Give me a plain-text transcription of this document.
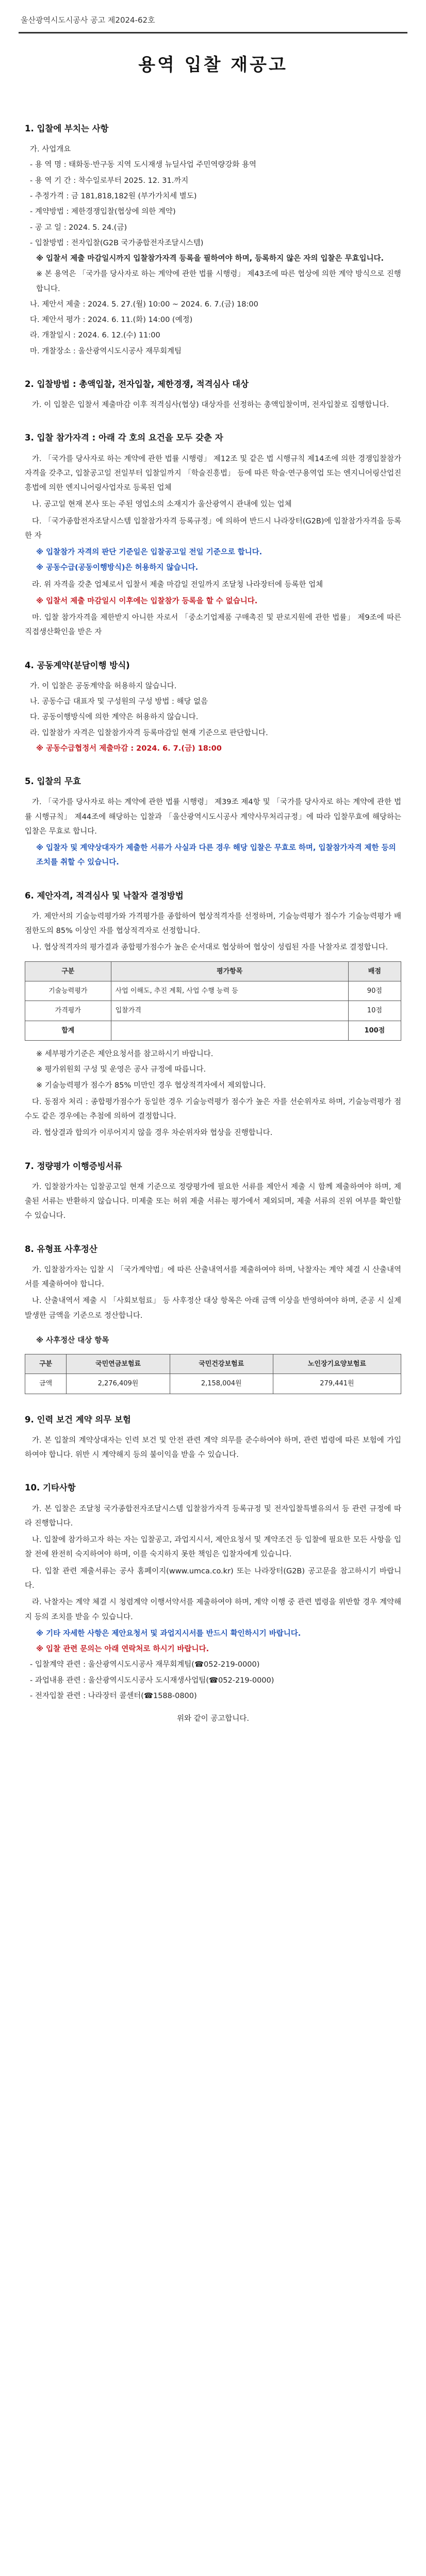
울산광역시도시공사 공고 제2024-62호
용역 입찰 재공고
1. 입찰에 부치는 사항
가. 사업개요
- 용 역 명 : 태화동·반구동 지역 도시재생 뉴딜사업 주민역량강화 용역
- 용 역 기 간 : 착수일로부터 2025. 12. 31.까지
- 추정가격 : 금 181,818,182원 (부가가치세 별도)
- 계약방법 : 제한경쟁입찰(협상에 의한 계약)
- 공 고 일 : 2024. 5. 24.(금)
- 입찰방법 : 전자입찰(G2B 국가종합전자조달시스템)
※ 입찰서 제출 마감일시까지 입찰참가자격 등록을 필하여야 하며, 등록하지 않은 자의 입찰은 무효입니다.
※ 본 용역은 「국가를 당사자로 하는 계약에 관한 법률 시행령」 제43조에 따른 협상에 의한 계약 방식으로 진행합니다.
나. 제안서 제출 : 2024. 5. 27.(월) 10:00 ~ 2024. 6. 7.(금) 18:00
다. 제안서 평가 : 2024. 6. 11.(화) 14:00 (예정)
라. 개찰일시 : 2024. 6. 12.(수) 11:00
마. 개찰장소 : 울산광역시도시공사 재무회계팀
2. 입찰방법 : 총액입찰, 전자입찰, 제한경쟁, 적격심사 대상
가. 이 입찰은 입찰서 제출마감 이후 적격심사(협상) 대상자를 선정하는 총액입찰이며, 전자입찰로 집행합니다.
3. 입찰 참가자격 : 아래 각 호의 요건을 모두 갖춘 자
가. 「국가를 당사자로 하는 계약에 관한 법률 시행령」 제12조 및 같은 법 시행규칙 제14조에 의한 경쟁입찰참가자격을 갖추고, 입찰공고일 전일부터 입찰일까지 「학술진흥법」 등에 따른 학술·연구용역업 또는 엔지니어링산업진흥법에 의한 엔지니어링사업자로 등록된 업체
나. 공고일 현재 본사 또는 주된 영업소의 소재지가 울산광역시 관내에 있는 업체
다. 「국가종합전자조달시스템 입찰참가자격 등록규정」에 의하여 반드시 나라장터(G2B)에 입찰참가자격을 등록한 자
※ 입찰참가 자격의 판단 기준일은 입찰공고일 전일 기준으로 합니다.
※ 공동수급(공동이행방식)은 허용하지 않습니다.
라. 위 자격을 갖춘 업체로서 입찰서 제출 마감일 전일까지 조달청 나라장터에 등록한 업체
※ 입찰서 제출 마감일시 이후에는 입찰참가 등록을 할 수 없습니다.
마. 입찰 참가자격을 제한받지 아니한 자로서 「중소기업제품 구매촉진 및 판로지원에 관한 법률」 제9조에 따른 직접생산확인을 받은 자
4. 공동계약(분담이행 방식)
가. 이 입찰은 공동계약을 허용하지 않습니다.
나. 공동수급 대표자 및 구성원의 구성 방법 : 해당 없음
다. 공동이행방식에 의한 계약은 허용하지 않습니다.
라. 입찰참가 자격은 입찰참가자격 등록마감일 현재 기준으로 판단합니다.
※ 공동수급협정서 제출마감 : 2024. 6. 7.(금) 18:00
5. 입찰의 무효
가. 「국가를 당사자로 하는 계약에 관한 법률 시행령」 제39조 제4항 및 「국가를 당사자로 하는 계약에 관한 법률 시행규칙」 제44조에 해당하는 입찰과 「울산광역시도시공사 계약사무처리규정」에 따라 입찰무효에 해당하는 입찰은 무효로 합니다.
※ 입찰자 및 계약상대자가 제출한 서류가 사실과 다른 경우 해당 입찰은 무효로 하며, 입찰참가자격 제한 등의 조치를 취할 수 있습니다.
6. 제안자격, 적격심사 및 낙찰자 결정방법
가. 제안서의 기술능력평가와 가격평가를 종합하여 협상적격자를 선정하며, 기술능력평가 점수가 기술능력평가 배점한도의 85% 이상인 자를 협상적격자로 선정합니다.
나. 협상적격자의 평가결과 종합평가점수가 높은 순서대로 협상하여 협상이 성립된 자를 낙찰자로 결정합니다.
구분	평가항목	배점
기술능력평가	사업 이해도, 추진 계획, 사업 수행 능력 등	90점
가격평가	입찰가격	10점
합계		100점
※ 세부평가기준은 제안요청서를 참고하시기 바랍니다.
※ 평가위원회 구성 및 운영은 공사 규정에 따릅니다.
※ 기술능력평가 점수가 85% 미만인 경우 협상적격자에서 제외합니다.
다. 동점자 처리 : 종합평가점수가 동일한 경우 기술능력평가 점수가 높은 자를 선순위자로 하며, 기술능력평가 점수도 같은 경우에는 추첨에 의하여 결정합니다.
라. 협상결과 합의가 이루어지지 않을 경우 차순위자와 협상을 진행합니다.
7. 정량평가 이행증빙서류
가. 입찰참가자는 입찰공고일 현재 기준으로 정량평가에 필요한 서류를 제안서 제출 시 함께 제출하여야 하며, 제출된 서류는 반환하지 않습니다. 미제출 또는 허위 제출 서류는 평가에서 제외되며, 제출 서류의 진위 여부를 확인할 수 있습니다.
8. 유형표 사후정산
가. 입찰참가자는 입찰 시 「국가계약법」에 따른 산출내역서를 제출하여야 하며, 낙찰자는 계약 체결 시 산출내역서를 제출하여야 합니다.
나. 산출내역서 제출 시 「사회보험료」 등 사후정산 대상 항목은 아래 금액 이상을 반영하여야 하며, 준공 시 실제 발생한 금액을 기준으로 정산합니다.
※ 사후정산 대상 항목
구분	국민연금보험료	국민건강보험료	노인장기요양보험료
금액	2,276,409원	2,158,004원	279,441원
9. 인력 보건 계약 의무 보험
가. 본 입찰의 계약상대자는 인력 보건 및 안전 관련 계약 의무를 준수하여야 하며, 관련 법령에 따른 보험에 가입하여야 합니다. 위반 시 계약해지 등의 불이익을 받을 수 있습니다.
10. 기타사항
가. 본 입찰은 조달청 국가종합전자조달시스템 입찰참가자격 등록규정 및 전자입찰특별유의서 등 관련 규정에 따라 진행합니다.
나. 입찰에 참가하고자 하는 자는 입찰공고, 과업지시서, 제안요청서 및 계약조건 등 입찰에 필요한 모든 사항을 입찰 전에 완전히 숙지하여야 하며, 이를 숙지하지 못한 책임은 입찰자에게 있습니다.
다. 입찰 관련 제출서류는 공사 홈페이지(www.umca.co.kr) 또는 나라장터(G2B) 공고문을 참고하시기 바랍니다.
라. 낙찰자는 계약 체결 시 청렴계약 이행서약서를 제출하여야 하며, 계약 이행 중 관련 법령을 위반할 경우 계약해지 등의 조치를 받을 수 있습니다.
※ 기타 자세한 사항은 제안요청서 및 과업지시서를 반드시 확인하시기 바랍니다.
※ 입찰 관련 문의는 아래 연락처로 하시기 바랍니다.
- 입찰계약 관련 : 울산광역시도시공사 재무회계팀(☎052-219-0000)
- 과업내용 관련 : 울산광역시도시공사 도시재생사업팀(☎052-219-0000)
- 전자입찰 관련 : 나라장터 콜센터(☎1588-0800)
위와 같이 공고합니다.
